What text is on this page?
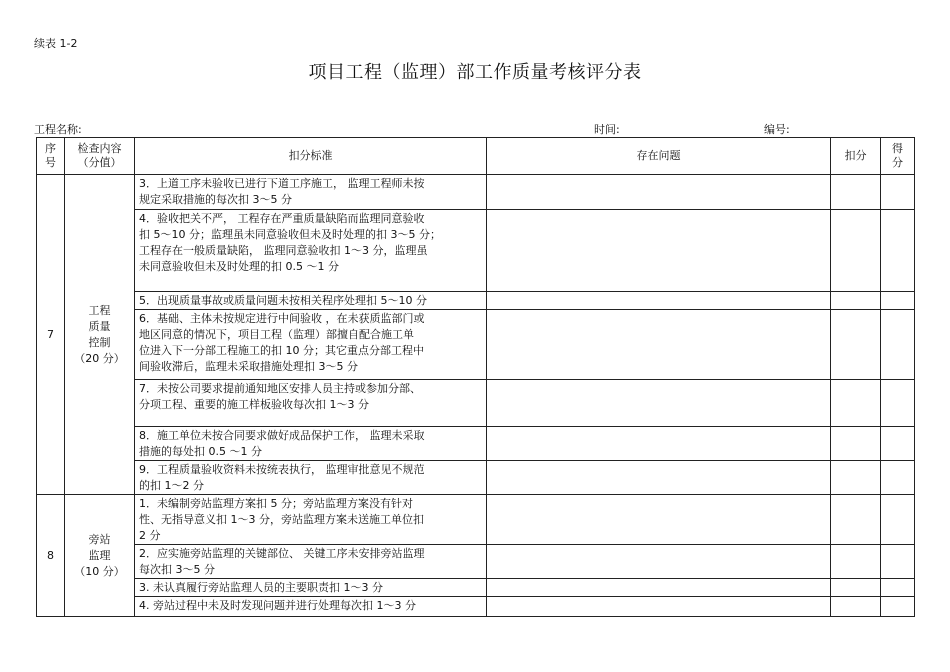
续表 1-2
项目工程（监理）部工作质量考核评分表
工程名称:	时间:	编号:
序
号	检查内容
（分值）	扣分标准	存在问题	扣分	得
分
7	工程
质量
控制
（20 分）	3．上道工序未验收已进行下道工序施工， 监理工程师未按
规定采取措施的每次扣 3～5 分			
		4．验收把关不严， 工程存在严重质量缺陷而监理同意验收
扣 5～10 分；监理虽未同意验收但未及时处理的扣 3～5 分；
工程存在一般质量缺陷， 监理同意验收扣 1～3 分，监理虽
未同意验收但未及时处理的扣 0.5 ～1 分			
		5．出现质量事故或质量问题未按相关程序处理扣 5～10 分			
		6．基础、主体未按规定进行中间验收 ，在未获质监部门或
地区同意的情况下，项目工程（监理）部擅自配合施工单
位进入下一分部工程施工的扣 10 分；其它重点分部工程中
间验收滞后，监理未采取措施处理扣 3～5 分			
		7．未按公司要求提前通知地区安排人员主持或参加分部、
分项工程、重要的施工样板验收每次扣 1～3 分			
		8．施工单位未按合同要求做好成品保护工作， 监理未采取
措施的每处扣 0.5 ～1 分			
		9．工程质量验收资料未按统表执行， 监理审批意见不规范
的扣 1～2 分			
8	旁站
监理
（10 分）	1．未编制旁站监理方案扣 5 分；旁站监理方案没有针对
性、无指导意义扣 1～3 分，旁站监理方案未送施工单位扣
2 分			
		2．应实施旁站监理的关键部位、 关键工序未安排旁站监理
每次扣 3～5 分			
		3. 未认真履行旁站监理人员的主要职责扣 1～3 分			
		4. 旁站过程中未及时发现问题并进行处理每次扣 1～3 分			
